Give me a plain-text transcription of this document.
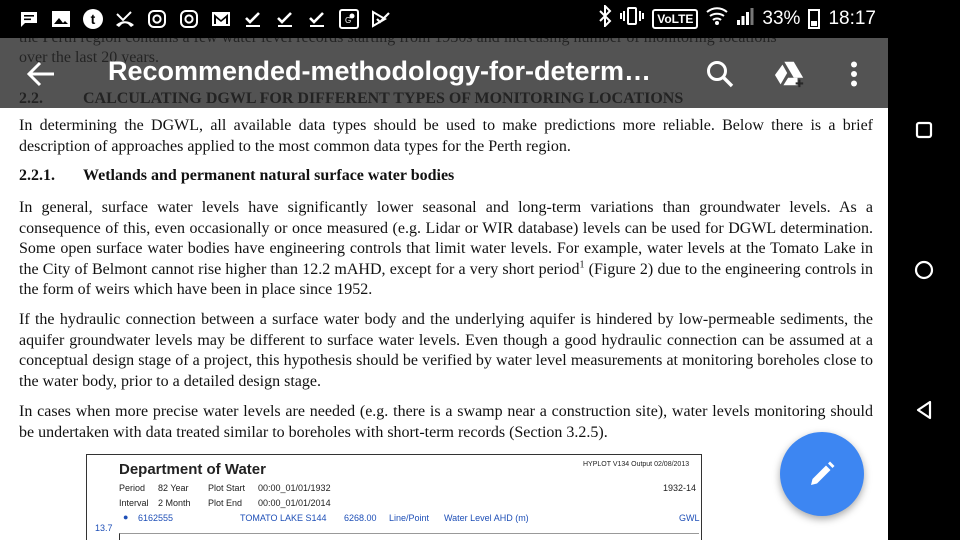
In determining the DGWL, all available data types should be used to make predictions more reliable. Below there is a brief description of approaches applied to the most common data types for the Perth region.

2.2.1. Wetlands and permanent natural surface water bodies

In general, surface water levels have significantly lower seasonal and long-term variations than groundwater levels. As a consequence of this, even occasionally or once measured (e.g. Lidar or WIR database) levels can be used for DGWL determination. Some open surface water bodies have engineering controls that limit water levels. For example, water levels at the Tomato Lake in the City of Belmont cannot rise higher than 12.2 mAHD, except for a very short period$^1$ (Figure 2) due to the engineering controls in the form of weirs which have been in place since 1952.

If the hydraulic connection between a surface water body and the underlying aquifer is hindered by low-permeable sediments, the aquifer groundwater levels may be different to surface water levels. Even though a good hydraulic connection can be assumed at a conceptual design stage of a project, this hypothesis should be verified by water level measurements at monitoring boreholes close to the water body, prior to a detailed design stage.

In cases when more precise water levels are needed (e.g. there is a swamp near a construction site), water levels monitoring should be undertaken with data treated similar to boreholes with short-term records (Section 3.2.5).

Department of Water	HYPLOT V134 Output 02/08/2013
Period 82 Year Plot Start 00:00_01/01/1932	1932-14
Interval 2 Month Plot End 00:00_01/01/2014
● 6162555	TOMATO LAKE S144 6268.00 Line/Point Water Level AHD (m)	GWL
13.7
t	G	VoLTE	33% 18:17
Recommended-methodology-for-determ…
